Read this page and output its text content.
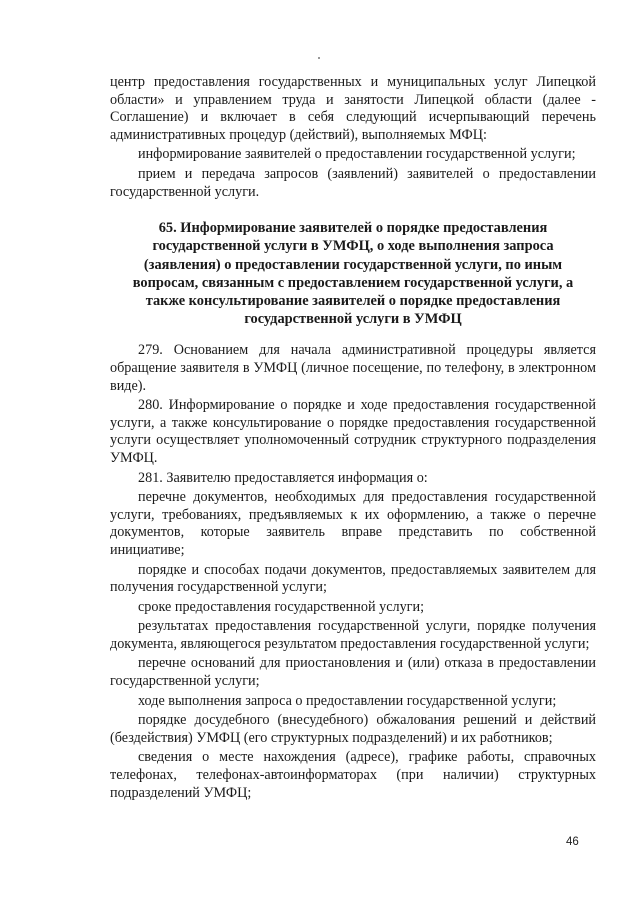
центр предоставления государственных и муниципальных услуг Липецкой области» и управлением труда и занятости Липецкой области (далее - Соглашение) и включает в себя следующий исчерпывающий перечень административных процедур (действий), выполняемых МФЦ:

информирование заявителей о предоставлении государственной услуги;

прием и передача запросов (заявлений) заявителей о предоставлении государственной услуги.

65. Информирование заявителей о порядке предоставления государственной услуги в УМФЦ, о ходе выполнения запроса (заявления) о предоставлении государственной услуги, по иным вопросам, связанным с предоставлением государственной услуги, а также консультирование заявителей о порядке предоставления государственной услуги в УМФЦ

279. Основанием для начала административной процедуры является обращение заявителя в УМФЦ (личное посещение, по телефону, в электронном виде).

280. Информирование о порядке и ходе предоставления государственной услуги, а также консультирование о порядке предоставления государственной услуги осуществляет уполномоченный сотрудник структурного подразделения УМФЦ.

281. Заявителю предоставляется информация о:

перечне документов, необходимых для предоставления государственной услуги, требованиях, предъявляемых к их оформлению, а также о перечне документов, которые заявитель вправе представить по собственной инициативе;

порядке и способах подачи документов, предоставляемых заявителем для получения государственной услуги;

сроке предоставления государственной услуги;

результатах предоставления государственной услуги, порядке получения документа, являющегося результатом предоставления государственной услуги;

перечне оснований для приостановления и (или) отказа в предоставлении государственной услуги;

ходе выполнения запроса о предоставлении государственной услуги;

порядке досудебного (внесудебного) обжалования решений и действий (бездействия) УМФЦ (его структурных подразделений) и их работников;

сведения о месте нахождения (адресе), графике работы, справочных телефонах, телефонах-автоинформаторах (при наличии) структурных подразделений УМФЦ;

46
